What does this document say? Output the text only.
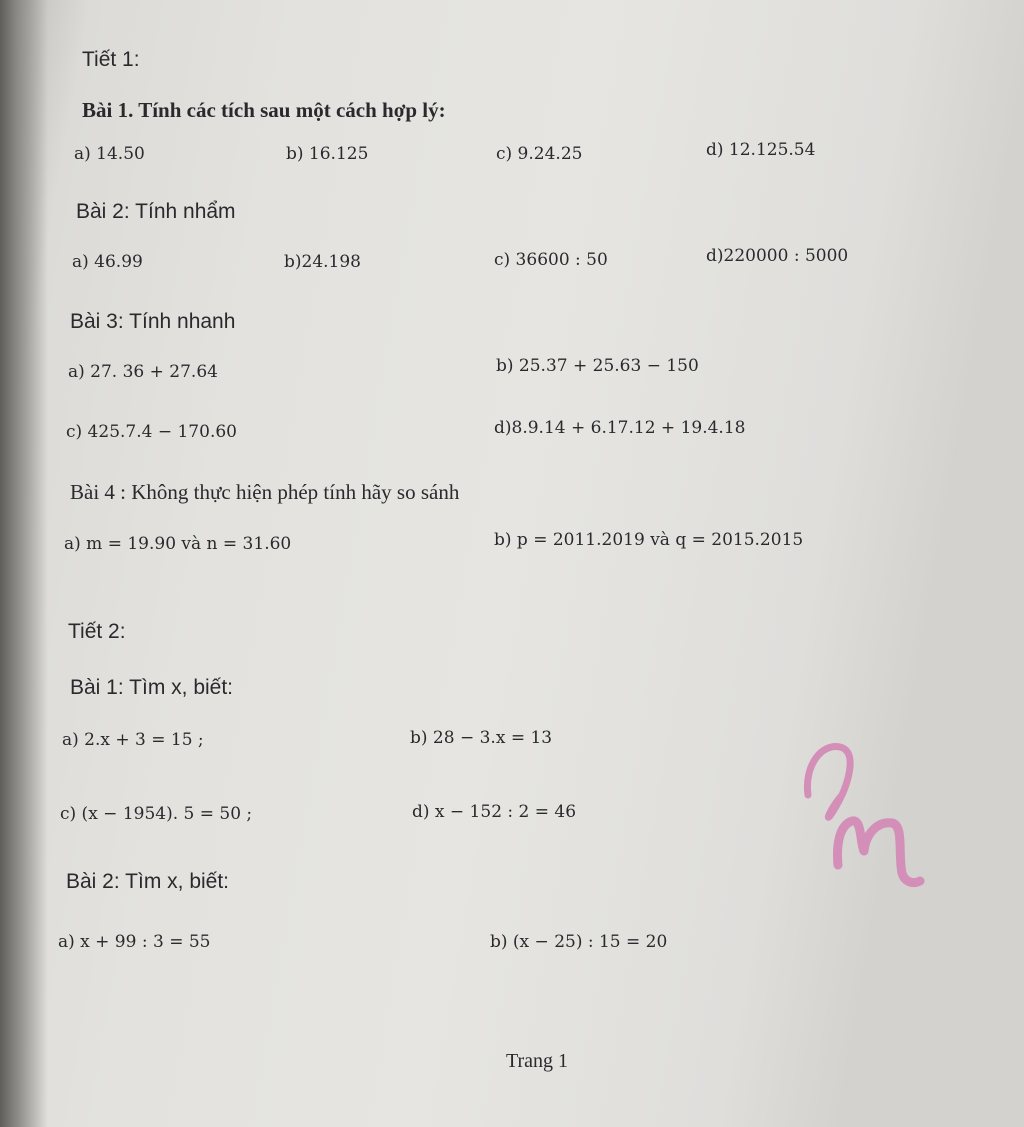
Tiết 1:
Bài 1. Tính các tích sau một cách hợp lý:
a) 14.50	b) 16.125	c) 9.24.25	d) 12.125.54
Bài 2: Tính nhẩm
a) 46.99	b)24.198	c) 36600 : 50	d)220000 : 5000
Bài 3: Tính nhanh
a) 27. 36 + 27.64	b) 25.37 + 25.63 − 150
c) 425.7.4 − 170.60	d)8.9.14 + 6.17.12 + 19.4.18
Bài 4 : Không thực hiện phép tính hãy so sánh
a) m = 19.90 và n = 31.60	b) p = 2011.2019 và q = 2015.2015
Tiết 2:
Bài 1: Tìm x, biết:
a) 2.x + 3 = 15 ;	b) 28 − 3.x = 13
c) (x − 1954). 5 = 50 ;	d) x − 152 : 2 = 46
Bài 2: Tìm x, biết:
a) x + 99 : 3 = 55	b) (x − 25) : 15 = 20
Trang 1
